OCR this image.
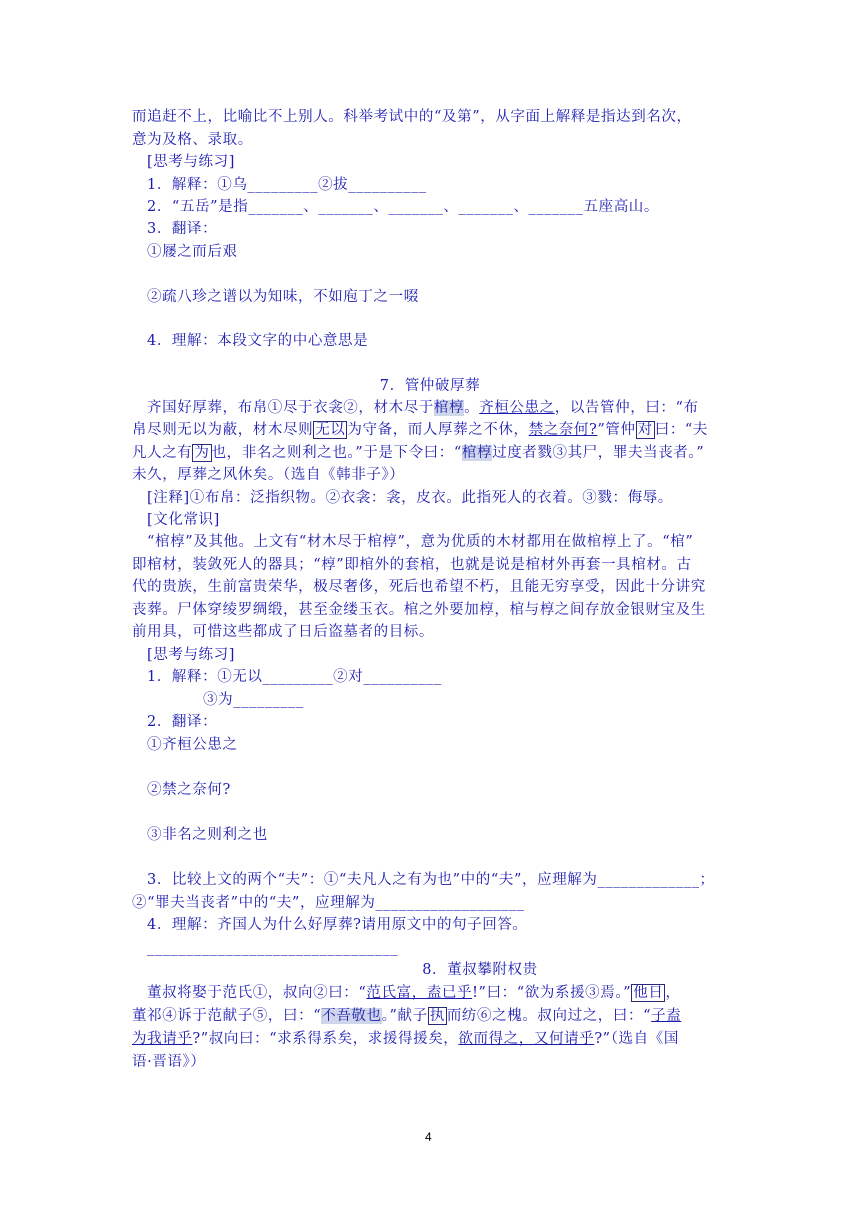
而追赶不上，比喻比不上别人。科举考试中的“及第”，从字面上解释是指达到名次，
意为及格、录取。
[思考与练习]
1．解释：①乌_________②拔__________
2．“五岳”是指_______、_______、_______、_______、_______五座高山。
3．翻译：
①屦之而后艰
②疏八珍之谱以为知味，不如庖丁之一啜
4．理解：本段文字的中心意思是
7．管仲破厚葬
齐国好厚葬，布帛①尽于衣衾②，材木尽于棺椁。齐桓公患之，以告管仲，曰：“布
帛尽则无以为蔽，材木尽则 无以 为守备，而人厚葬之不休，禁之奈何?”管仲 对 曰：“夫
凡人之有 为 也，非名之则利之也。”于是下令曰：“棺椁过度者戮③其尸，罪夫当丧者。”
未久，厚葬之风休矣。（选自《韩非子》）
[注释]①布帛：泛指织物。②衣衾：衾，皮衣。此指死人的衣着。③戮：侮辱。
[文化常识]
“棺椁”及其他。上文有“材木尽于棺椁”，意为优质的木材都用在做棺椁上了。“棺”
即棺材，装敛死人的器具；“椁”即棺外的套棺，也就是说是棺材外再套一具棺材。古
代的贵族，生前富贵荣华，极尽奢侈，死后也希望不朽，且能无穷享受，因此十分讲究
丧葬。尸体穿绫罗绸缎，甚至金缕玉衣。棺之外要加椁，棺与椁之间存放金银财宝及生
前用具，可惜这些都成了日后盗墓者的目标。
[思考与练习]
1．解释：①无以_________②对__________
③为_________
2．翻译：
①齐桓公患之
②禁之奈何?
③非名之则利之也
3．比较上文的两个“夫”：①“夫凡人之有为也”中的“夫”，应理解为_____________；
②“罪夫当丧者”中的“夫”，应理解为___________________
4．理解：齐国人为什么好厚葬?请用原文中的句子回答。
________________________________
8．董叔攀附权贵
董叔将娶于范氏①，叔向②曰：“范氏富，盍已乎!”曰：“欲为系援③焉。” 他日 ，
董祁④诉于范献子⑤，曰：“不吾敬也。”献子 执 而纺⑥之槐。叔向过之，曰：“子盍
为我请乎?”叔向曰：“求系得系矣，求援得援矣，欲而得之，又何请乎?”（选自《国
语·晋语》）
4
